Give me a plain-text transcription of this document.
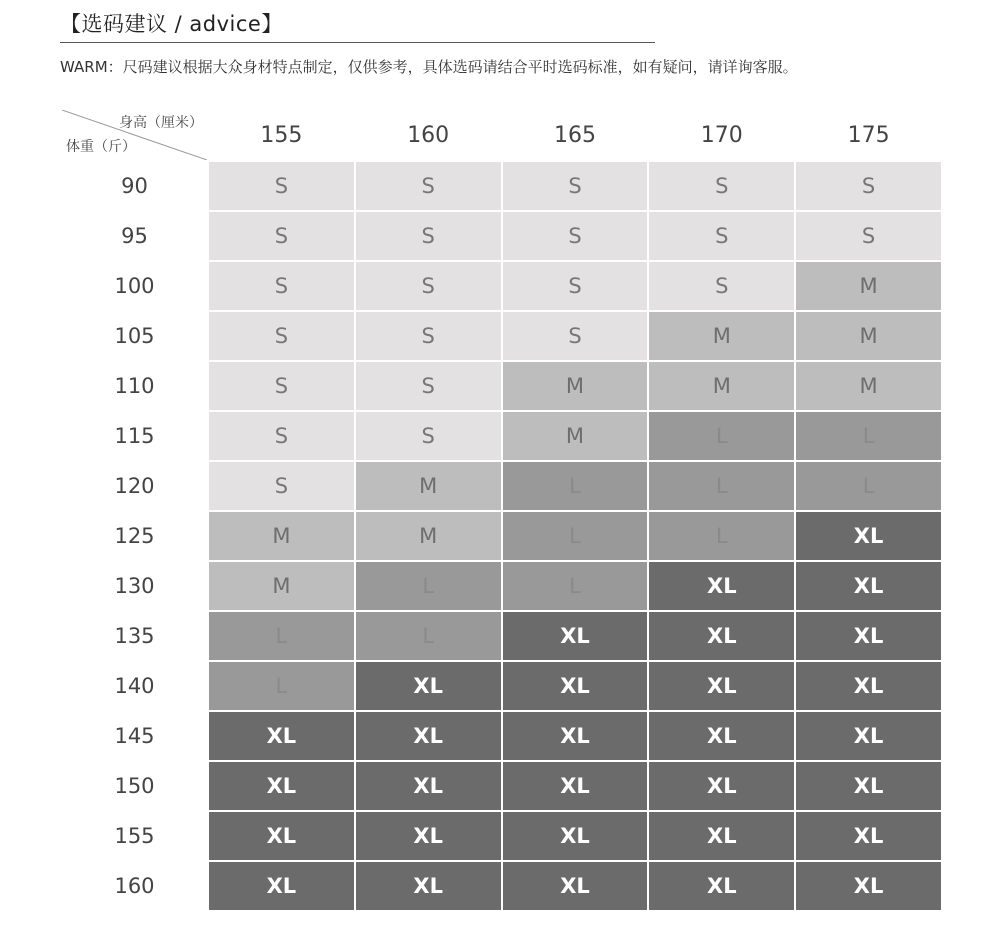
【选码建议 / advice】
WARM：尺码建议根据大众身材特点制定，仅供参考，具体选码请结合平时选码标准，如有疑问，请详询客服。
身高（厘米）
体重（斤）	155	160	165	170	175
90	S	S	S	S	S
95	S	S	S	S	S
100	S	S	S	S	M
105	S	S	S	M	M
110	S	S	M	M	M
115	S	S	M	L	L
120	S	M	L	L	L
125	M	M	L	L	XL
130	M	L	L	XL	XL
135	L	L	XL	XL	XL
140	L	XL	XL	XL	XL
145	XL	XL	XL	XL	XL
150	XL	XL	XL	XL	XL
155	XL	XL	XL	XL	XL
160	XL	XL	XL	XL	XL
